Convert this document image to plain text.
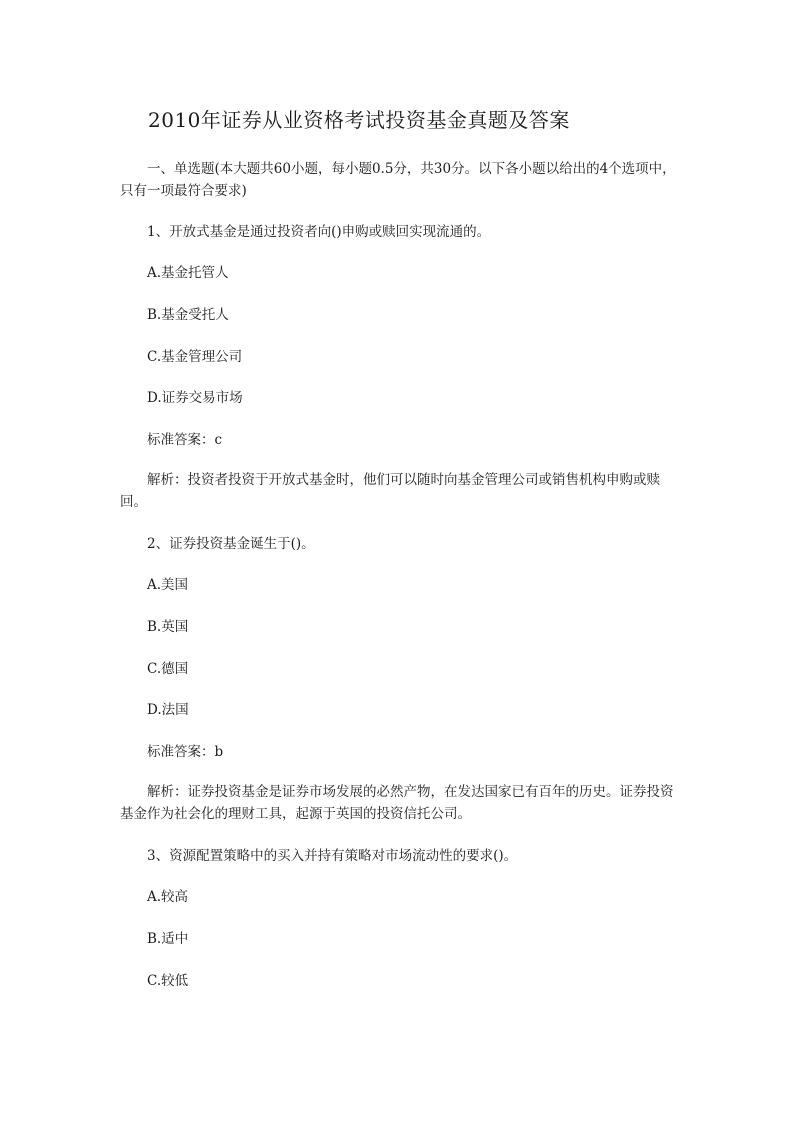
2010年证券从业资格考试投资基金真题及答案
一、单选题(本大题共60小题，每小题0.5分，共30分。以下各小题以给出的4个选项中，只有一项最符合要求)
1、开放式基金是通过投资者向()申购或赎回实现流通的。
A.基金托管人
B.基金受托人
C.基金管理公司
D.证券交易市场
标准答案：c
解析：投资者投资于开放式基金时，他们可以随时向基金管理公司或销售机构申购或赎回。
2、证券投资基金诞生于()。
A.美国
B.英国
C.德国
D.法国
标准答案：b
解析：证券投资基金是证券市场发展的必然产物，在发达国家已有百年的历史。证券投资基金作为社会化的理财工具，起源于英国的投资信托公司。
3、资源配置策略中的买入并持有策略对市场流动性的要求()。
A.较高
B.适中
C.较低
